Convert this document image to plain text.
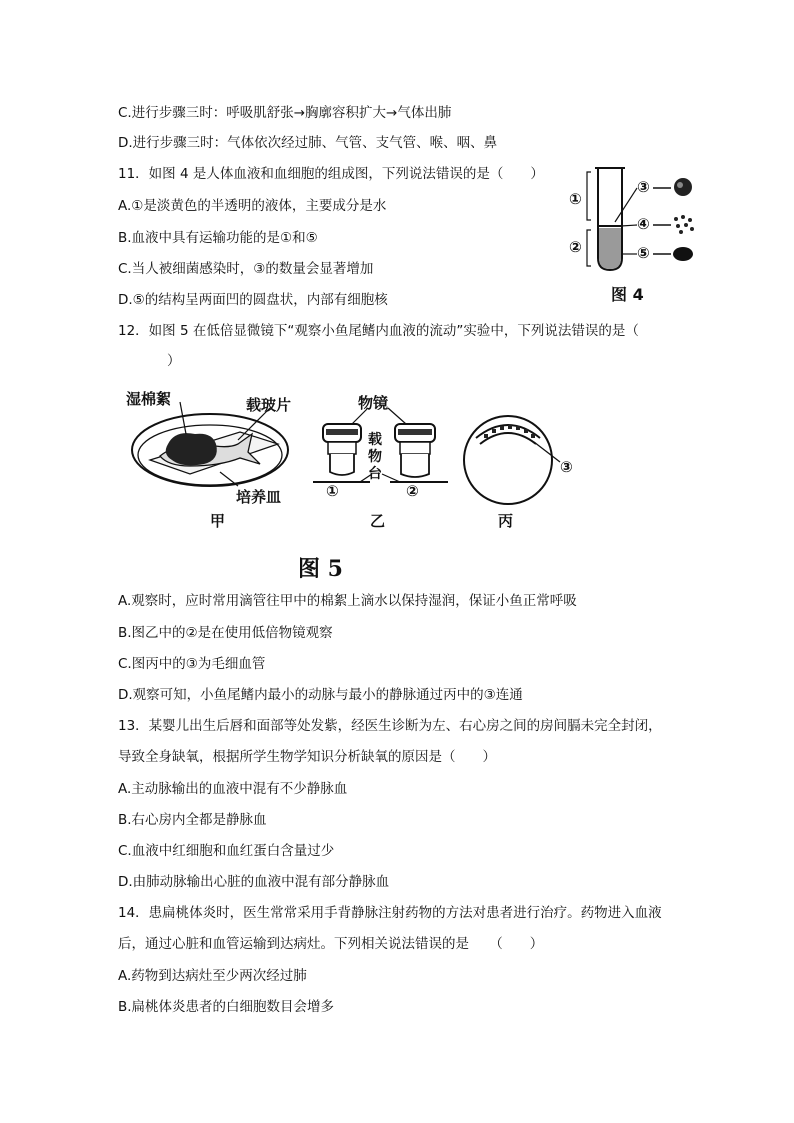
C.进行步骤三时：呼吸肌舒张→胸廓容积扩大→气体出肺
D.进行步骤三时：气体依次经过肺、气管、支气管、喉、咽、鼻
11．如图 4 是人体血液和血细胞的组成图，下列说法错误的是（　　）
A.①是淡黄色的半透明的液体，主要成分是水
B.血液中具有运输功能的是①和⑤
C.当人被细菌感染时，③的数量会显著增加
D.⑤的结构呈两面凹的圆盘状，内部有细胞核
12．如图 5 在低倍显微镜下“观察小鱼尾鳍内血液的流动”实验中，下列说法错误的是（
　　）
A.观察时，应时常用滴管往甲中的棉絮上滴水以保持湿润，保证小鱼正常呼吸
B.图乙中的②是在使用低倍物镜观察
C.图丙中的③为毛细血管
D.观察可知，小鱼尾鳍内最小的动脉与最小的静脉通过丙中的③连通
13．某婴儿出生后唇和面部等处发紫，经医生诊断为左、右心房之间的房间膈未完全封闭，
导致全身缺氧，根据所学生物学知识分析缺氧的原因是（　　）
A.主动脉输出的血液中混有不少静脉血
B.右心房内全都是静脉血
C.血液中红细胞和血红蛋白含量过少
D.由肺动脉输出心脏的血液中混有部分静脉血
14．患扁桃体炎时，医生常常采用手背静脉注射药物的方法对患者进行治疗。药物进入血液
后，通过心脏和血管运输到达病灶。下列相关说法错误的是　　（　　）
A.药物到达病灶至少两次经过肺
B.扁桃体炎患者的白细胞数目会增多
①
②
③
④
⑤
图 4
湿棉絮	载玻片
培养皿
物镜
载物台
①	②
③
甲	乙	丙
图 5
